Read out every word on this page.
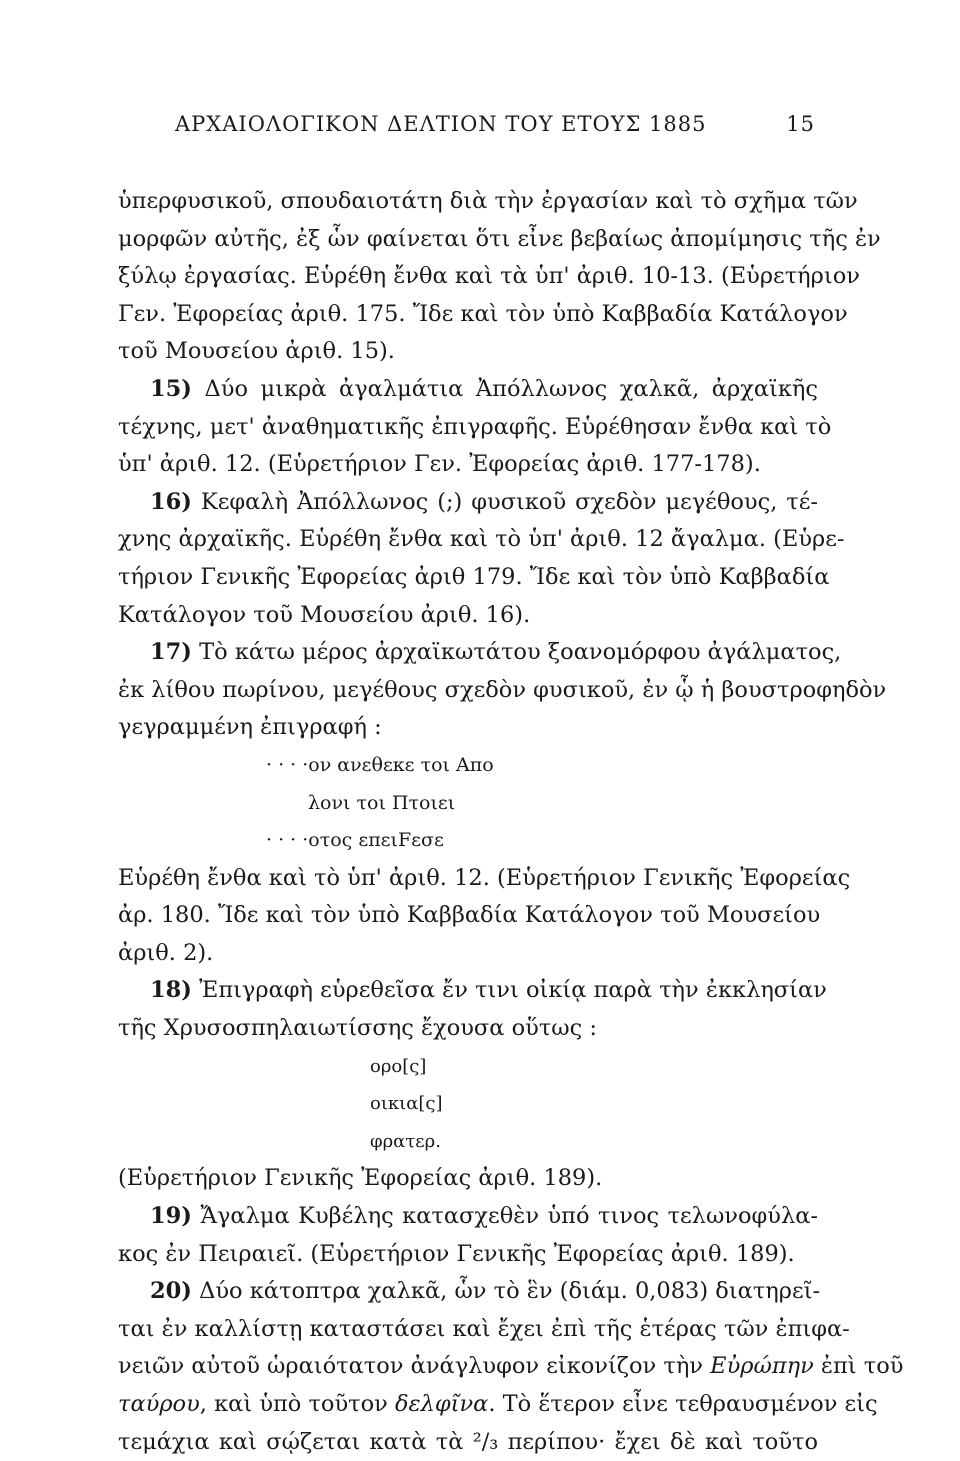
ΑΡΧΑΙΟΛΟΓΙΚΟΝ ΔΕΛΤΙΟΝ ΤΟΥ ΕΤΟΥΣ 1885	15
ὑπερφυσικοῦ, σπουδαιοτάτη διὰ τὴν ἐργασίαν καὶ τὸ σχῆμα τῶν
μορφῶν αὐτῆς, ἐξ ὧν φαίνεται ὅτι εἶνε βεβαίως ἀπομίμησις τῆς ἐν
ξύλῳ ἐργασίας. Εὑρέθη ἔνθα καὶ τὰ ὑπ' ἀριθ. 10-13. (Εὑρετήριον
Γεν. Ἐφορείας ἀριθ. 175. Ἴδε καὶ τὸν ὑπὸ Καββαδία Κατάλογον
τοῦ Μουσείου ἀριθ. 15).
15) Δύο μικρὰ ἀγαλμάτια Ἀπόλλωνος χαλκᾶ, ἀρχαϊκῆς
τέχνης, μετ' ἀναθηματικῆς ἐπιγραφῆς. Εὑρέθησαν ἔνθα καὶ τὸ
ὑπ' ἀριθ. 12. (Εὑρετήριον Γεν. Ἐφορείας ἀριθ. 177-178).
16) Κεφαλὴ Ἀπόλλωνος (;) φυσικοῦ σχεδὸν μεγέθους, τέ-
χνης ἀρχαϊκῆς. Εὑρέθη ἔνθα καὶ τὸ ὑπ' ἀριθ. 12 ἄγαλμα. (Εὑρε-
τήριον Γενικῆς Ἐφορείας ἀριθ 179. Ἴδε καὶ τὸν ὑπὸ Καββαδία
Κατάλογον τοῦ Μουσείου ἀριθ. 16).
17) Τὸ κάτω μέρος ἀρχαϊκωτάτου ξοανομόρφου ἀγάλματος,
ἐκ λίθου πωρίνου, μεγέθους σχεδὸν φυσικοῦ, ἐν ᾧ ἡ βουστροφηδὸν
γεγραμμένη ἐπιγραφή :
· · · ·ον ανεθεκε τοι Απο
λονι τοι Πτοιει
· · · ·οτος επειFεσε
Εὑρέθη ἔνθα καὶ τὸ ὑπ' ἀριθ. 12. (Εὑρετήριον Γενικῆς Ἐφορείας
ἀρ. 180. Ἴδε καὶ τὸν ὑπὸ Καββαδία Κατάλογον τοῦ Μουσείου
ἀριθ. 2).
18) Ἐπιγραφὴ εὑρεθεῖσα ἔν τινι οἰκίᾳ παρὰ τὴν ἐκκλησίαν
τῆς Χρυσοσπηλαιωτίσσης ἔχουσα οὕτως :
ορο[ς]
οικια[ς]
φρατερ.
(Εὑρετήριον Γενικῆς Ἐφορείας ἀριθ. 189).
19) Ἄγαλμα Κυβέλης κατασχεθὲν ὑπό τινος τελωνοφύλα-
κος ἐν Πειραιεῖ. (Εὑρετήριον Γενικῆς Ἐφορείας ἀριθ. 189).
20) Δύο κάτοπτρα χαλκᾶ, ὧν τὸ ἓν (διάμ. 0,083) διατηρεῖ-
ται ἐν καλλίστῃ καταστάσει καὶ ἔχει ἐπὶ τῆς ἑτέρας τῶν ἐπιφα-
νειῶν αὐτοῦ ὡραιότατον ἀνάγλυφον εἰκονίζον τὴν Εὐρώπην ἐπὶ τοῦ
ταύρου, καὶ ὑπὸ τοῦτον δελφῖνα. Τὸ ἕτερον εἶνε τεθραυσμένον εἰς
τεμάχια καὶ σῴζεται κατὰ τὰ ²/₃ περίπου· ἔχει δὲ καὶ τοῦτο
